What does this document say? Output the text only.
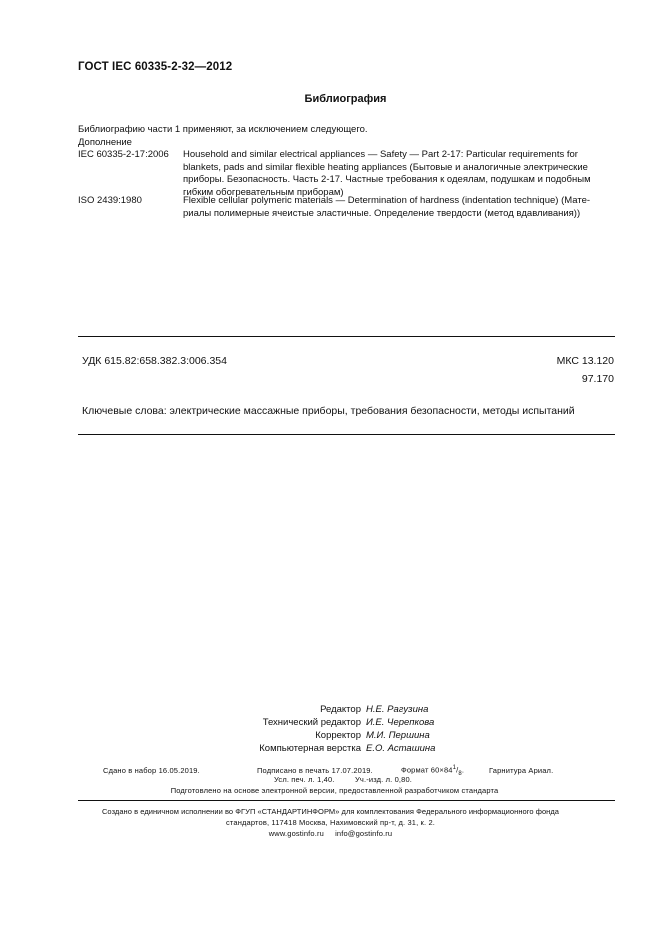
ГОСТ IEC 60335-2-32—2012
Библиография
Библиографию части 1 применяют, за исключением следующего.
Дополнение
IEC 60335-2-17:2006	Household and similar electrical appliances — Safety — Part 2-17: Particular requirements for
blankets, pads and similar flexible heating appliances (Бытовые и аналогичные электрические
приборы. Безопасность. Часть 2-17. Частные требования к одеялам, подушкам и подобным
гибким обогревательным приборам)
ISO 2439:1980	Flexible cellular polymeric materials — Determination of hardness (indentation technique) (Мате-
риалы полимерные ячеистые эластичные. Определение твердости (метод вдавливания))
УДК 615.82:658.382.3:006.354	МКС 13.120
97.170
Ключевые слова: электрические массажные приборы, требования безопасности, методы испытаний
Редактор Н.Е. Рагузина
Технический редактор И.Е. Черепкова
Корректор М.И. Першина
Компьютерная верстка Е.О. Асташина
Сдано в набор 16.05.2019.	Подписано в печать 17.07.2019.	Формат $60\times 84^1/_8$.	Гарнитура Ариал.
Усл. печ. л. 1,40.	Уч.-изд. л. 0,80.
Подготовлено на основе электронной версии, предоставленной разработчиком стандарта
Создано в единичном исполнении во ФГУП «СТАНДАРТИНФОРМ» для комплектования Федерального информационного фонда
стандартов, 117418 Москва, Нахимовский пр-т, д. 31, к. 2.
www.gostinfo.ru info@gostinfo.ru
